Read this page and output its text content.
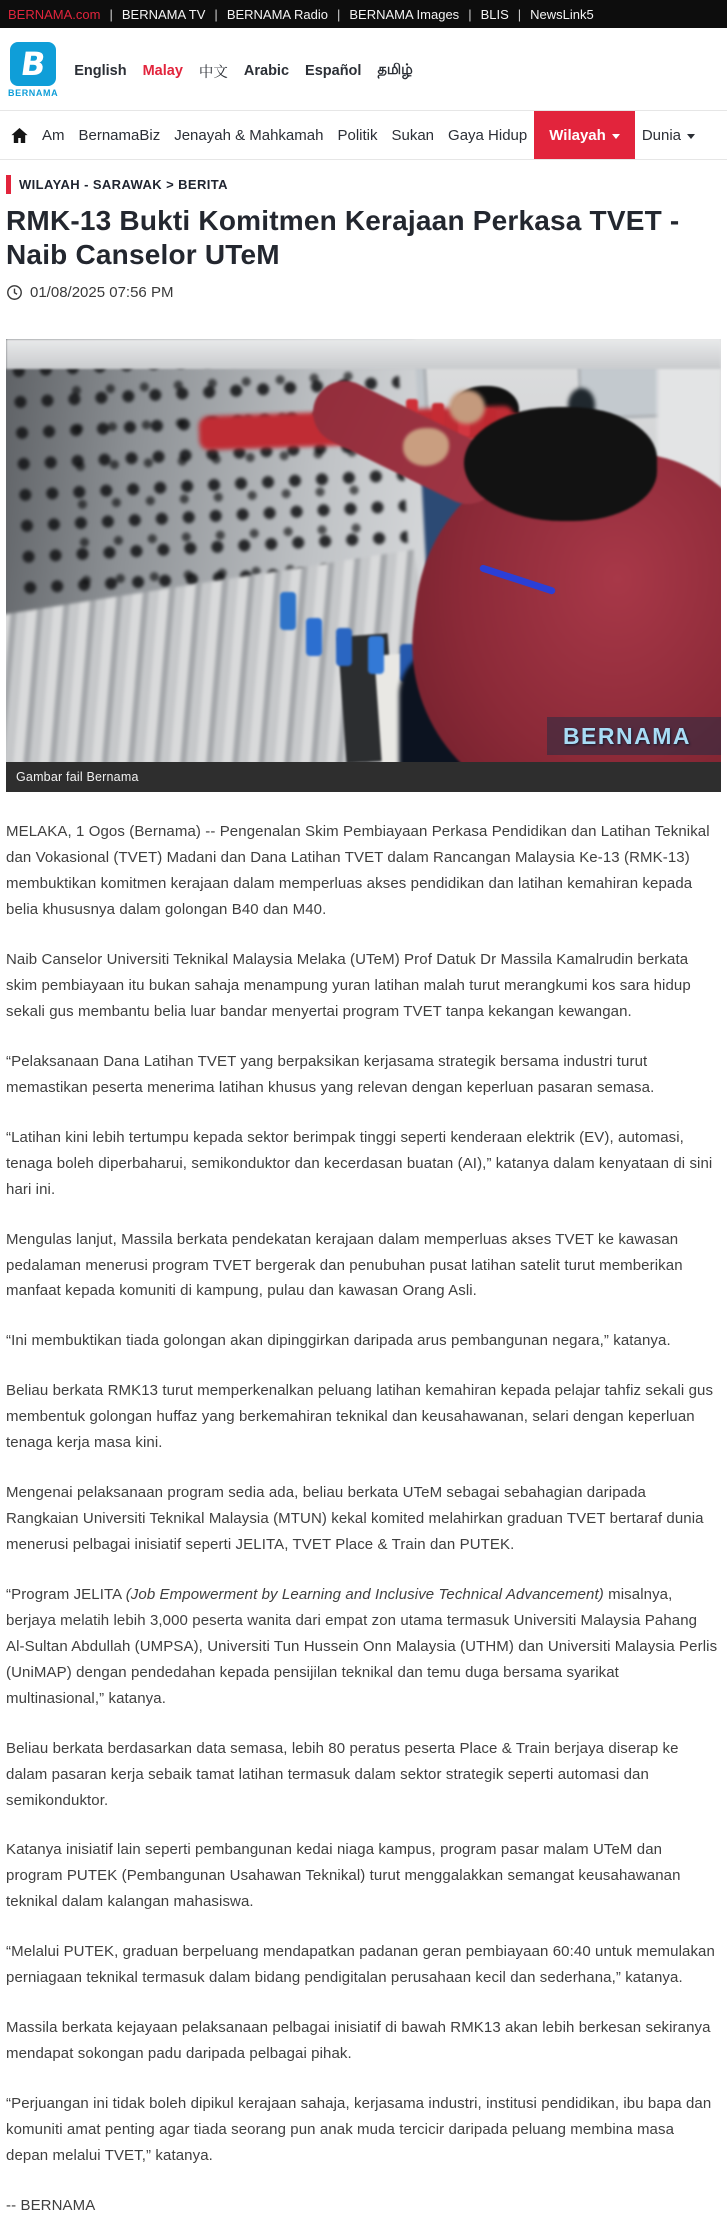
BERNAMA.com | BERNAMA TV | BERNAMA Radio | BERNAMA Images | BLIS | NewsLink5
B
BERNAMA
English Malay 中文 Arabic Español தமிழ்
Am BernamaBiz Jenayah & Mahkamah Politik Sukan Gaya Hidup Wilayah Dunia
WILAYAH - SARAWAK > BERITA
RMK-13 Bukti Komitmen Kerajaan Perkasa TVET - Naib Canselor UTeM
01/08/2025 07:56 PM
BERNAMA
Gambar fail Bernama

MELAKA, 1 Ogos (Bernama) -- Pengenalan Skim Pembiayaan Perkasa Pendidikan dan Latihan Teknikal dan Vokasional (TVET) Madani dan Dana Latihan TVET dalam Rancangan Malaysia Ke-13 (RMK-13) membuktikan komitmen kerajaan dalam memperluas akses pendidikan dan latihan kemahiran kepada belia khususnya dalam golongan B40 dan M40.

Naib Canselor Universiti Teknikal Malaysia Melaka (UTeM) Prof Datuk Dr Massila Kamalrudin berkata skim pembiayaan itu bukan sahaja menampung yuran latihan malah turut merangkumi kos sara hidup sekali gus membantu belia luar bandar menyertai program TVET tanpa kekangan kewangan.

“Pelaksanaan Dana Latihan TVET yang berpaksikan kerjasama strategik bersama industri turut memastikan peserta menerima latihan khusus yang relevan dengan keperluan pasaran semasa.

“Latihan kini lebih tertumpu kepada sektor berimpak tinggi seperti kenderaan elektrik (EV), automasi, tenaga boleh diperbaharui, semikonduktor dan kecerdasan buatan (AI),” katanya dalam kenyataan di sini hari ini.

Mengulas lanjut, Massila berkata pendekatan kerajaan dalam memperluas akses TVET ke kawasan pedalaman menerusi program TVET bergerak dan penubuhan pusat latihan satelit turut memberikan manfaat kepada komuniti di kampung, pulau dan kawasan Orang Asli.

“Ini membuktikan tiada golongan akan dipinggirkan daripada arus pembangunan negara,” katanya.

Beliau berkata RMK13 turut memperkenalkan peluang latihan kemahiran kepada pelajar tahfiz sekali gus membentuk golongan huffaz yang berkemahiran teknikal dan keusahawanan, selari dengan keperluan tenaga kerja masa kini.

Mengenai pelaksanaan program sedia ada, beliau berkata UTeM sebagai sebahagian daripada Rangkaian Universiti Teknikal Malaysia (MTUN) kekal komited melahirkan graduan TVET bertaraf dunia menerusi pelbagai inisiatif seperti JELITA, TVET Place & Train dan PUTEK.

“Program JELITA (Job Empowerment by Learning and Inclusive Technical Advancement) misalnya, berjaya melatih lebih 3,000 peserta wanita dari empat zon utama termasuk Universiti Malaysia Pahang Al-Sultan Abdullah (UMPSA), Universiti Tun Hussein Onn Malaysia (UTHM) dan Universiti Malaysia Perlis (UniMAP) dengan pendedahan kepada pensijilan teknikal dan temu duga bersama syarikat multinasional,” katanya.

Beliau berkata berdasarkan data semasa, lebih 80 peratus peserta Place & Train berjaya diserap ke dalam pasaran kerja sebaik tamat latihan termasuk dalam sektor strategik seperti automasi dan semikonduktor.

Katanya inisiatif lain seperti pembangunan kedai niaga kampus, program pasar malam UTeM dan program PUTEK (Pembangunan Usahawan Teknikal) turut menggalakkan semangat keusahawanan teknikal dalam kalangan mahasiswa.

“Melalui PUTEK, graduan berpeluang mendapatkan padanan geran pembiayaan 60:40 untuk memulakan perniagaan teknikal termasuk dalam bidang pendigitalan perusahaan kecil dan sederhana,” katanya.

Massila berkata kejayaan pelaksanaan pelbagai inisiatif di bawah RMK13 akan lebih berkesan sekiranya mendapat sokongan padu daripada pelbagai pihak.

“Perjuangan ini tidak boleh dipikul kerajaan sahaja, kerjasama industri, institusi pendidikan, ibu bapa dan komuniti amat penting agar tiada seorang pun anak muda tercicir daripada peluang membina masa depan melalui TVET,” katanya.

-- BERNAMA
